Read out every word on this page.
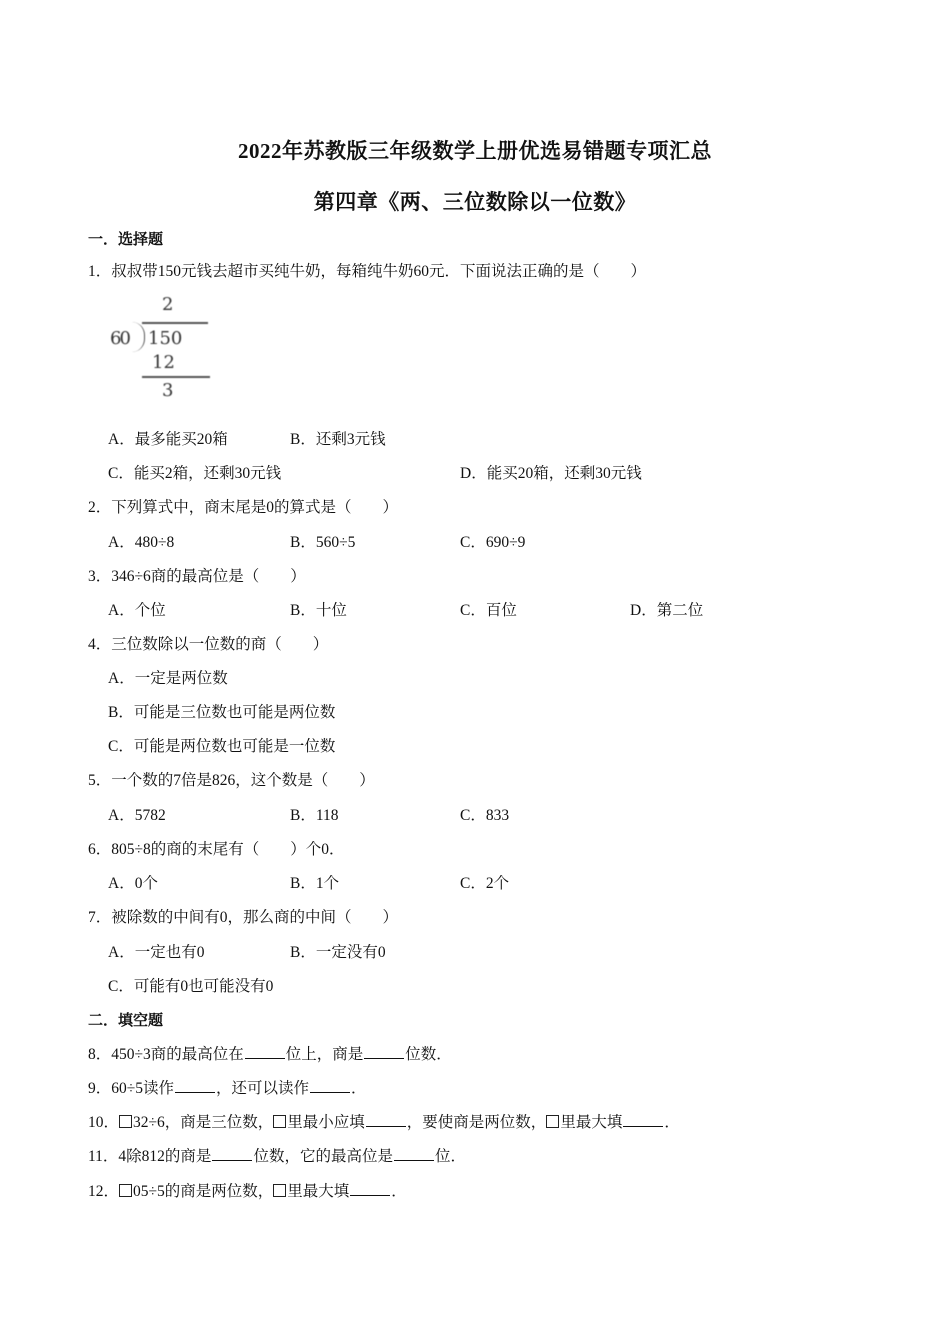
2022年苏教版三年级数学上册优选易错题专项汇总
第四章《两、三位数除以一位数》
一．选择题
1．叔叔带150元钱去超市买纯牛奶，每箱纯牛奶60元．下面说法正确的是（　　）
2
60 150
12
3
A．最多能买20箱	B．还剩3元钱
C．能买2箱，还剩30元钱	D．能买20箱，还剩30元钱
2．下列算式中，商末尾是0的算式是（　　）
A．480÷8	B．560÷5	C．690÷9
3．346÷6商的最高位是（　　）
A．个位	B．十位	C．百位	D．第二位
4．三位数除以一位数的商（　　）
A．一定是两位数
B．可能是三位数也可能是两位数
C．可能是两位数也可能是一位数
5．一个数的7倍是826，这个数是（　　）
A．5782	B．118	C．833
6．805÷8的商的末尾有（　　）个0．
A．0个	B．1个	C．2个
7．被除数的中间有0，那么商的中间（　　）
A．一定也有0	B．一定没有0
C．可能有0也可能没有0
二．填空题
8．450÷3商的最高位在	位上，商是	位数．
9．60÷5读作	，还可以读作	．
10． 32÷6，商是三位数， 里最小应填	，要使商是两位数， 里最大填	．
11．4除812的商是	位数，它的最高位是	位．
12． 05÷5的商是两位数， 里最大填	．
